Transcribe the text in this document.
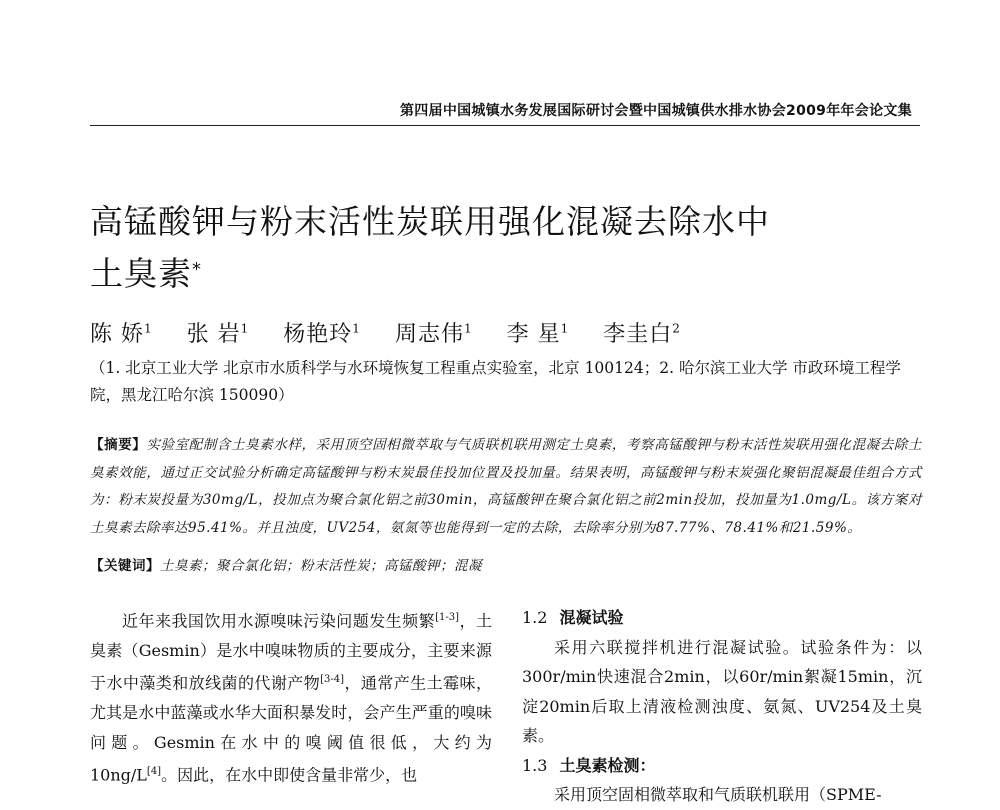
第四届中国城镇水务发展国际研讨会暨中国城镇供水排水协会2009年年会论文集
高锰酸钾与粉末活性炭联用强化混凝去除水中
土臭素*
陈 娇$^1$ 张 岩$^1$ 杨艳玲$^1$ 周志伟$^1$ 李 星$^1$ 李圭白$^2$
（1. 北京工业大学 北京市水质科学与水环境恢复工程重点实验室，北京 100124；2. 哈尔滨工业大学 市政环境工程学院，黑龙江哈尔滨 150090）
【摘要】实验室配制含土臭素水样，采用顶空固相微萃取与气质联机联用测定土臭素，考察高锰酸钾与粉末活性炭联用强化混凝去除土臭素效能，通过正交试验分析确定高锰酸钾与粉末炭最佳投加位置及投加量。结果表明，高锰酸钾与粉末炭强化聚铝混凝最佳组合方式为：粉末炭投量为30mg/L，投加点为聚合氯化铝之前30min，高锰酸钾在聚合氯化铝之前2min投加，投加量为1.0mg/L。该方案对土臭素去除率达95.41%。并且浊度，UV254，氨氮等也能得到一定的去除，去除率分别为87.77%、78.41%和21.59%。
【关键词】土臭素；聚合氯化铝；粉末活性炭；高锰酸钾；混凝

近年来我国饮用水源嗅味污染问题发生频繁[1-3]，土臭素（Gesmin）是水中嗅味物质的主要成分，主要来源于水中藻类和放线菌的代谢产物[3-4]，通常产生土霉味，尤其是水中蓝藻或水华大面积暴发时，会产生严重的嗅味问题。Gesmin在水中的嗅阈值很低，大约为10ng/L[4]。因此，在水中即使含量非常少，也

1.2 混凝试验

采用六联搅拌机进行混凝试验。试验条件为：以300r/min快速混合2min，以60r/min絮凝15min，沉淀20min后取上清液检测浊度、氨氮、UV254及土臭素。

1.3 土臭素检测：

采用顶空固相微萃取和气质联机联用（SPME-
